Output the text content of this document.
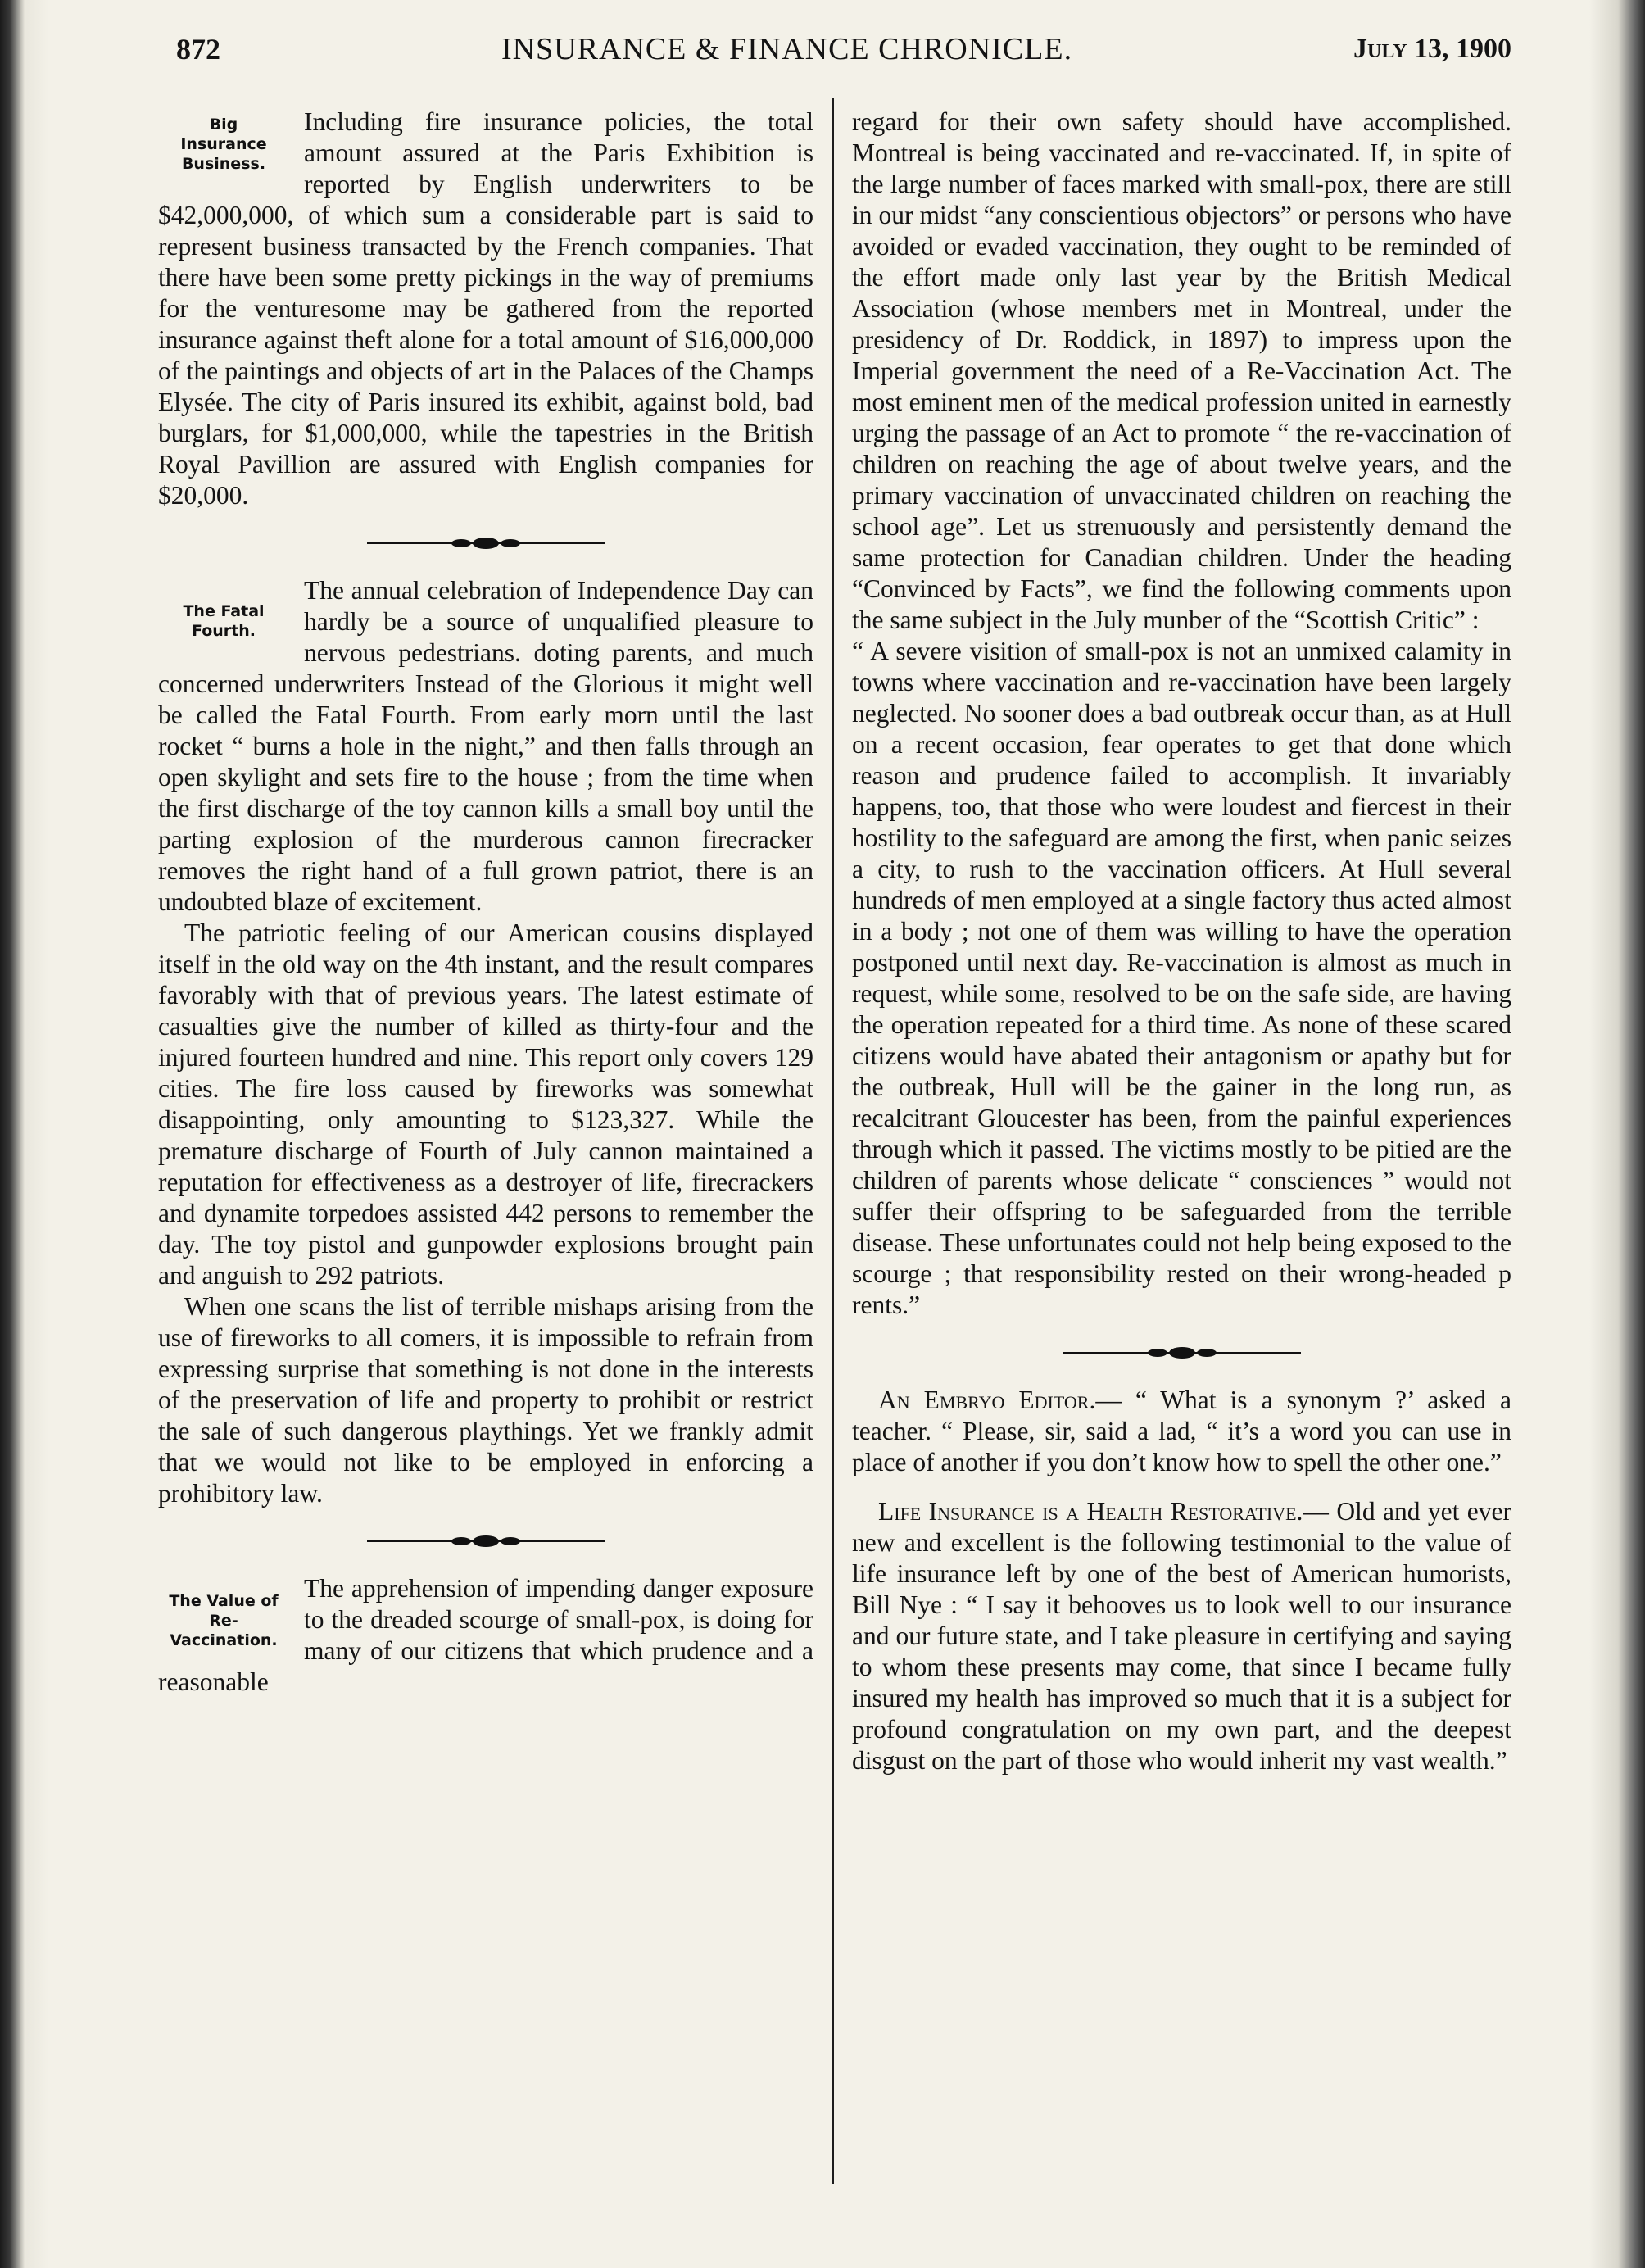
872	INSURANCE & FINANCE CHRONICLE.	July 13, 1900
Big
Insurance
Business.

Including fire insurance policies, the total amount assured at the Paris Exhibition is reported by English underwriters to be $42,000,000, of which sum a considerable part is said to represent business transacted by the French companies. That there have been some pretty pickings in the way of premiums for the venturesome may be gathered from the reported insurance against theft alone for a total amount of $16,000,000 of the paintings and objects of art in the Palaces of the Champs Elysée. The city of Paris insured its exhibit, against bold, bad burglars, for $1,000,000, while the tapestries in the British Royal Pavillion are assured with English companies for $20,000.

The Fatal
Fourth.

The annual celebration of Independence Day can hardly be a source of unqualified pleasure to nervous pedestrians. doting parents, and much concerned underwriters Instead of the Glorious it might well be called the Fatal Fourth. From early morn until the last rocket “ burns a hole in the night,” and then falls through an open skylight and sets fire to the house ; from the time when the first discharge of the toy cannon kills a small boy until the parting explosion of the murderous cannon firecracker removes the right hand of a full grown patriot, there is an undoubted blaze of excitement.

The patriotic feeling of our American cousins displayed itself in the old way on the 4th instant, and the result compares favorably with that of previous years. The latest estimate of casualties give the number of killed as thirty-four and the injured fourteen hundred and nine. This report only covers 129 cities. The fire loss caused by fireworks was somewhat disappointing, only amounting to $123,327. While the premature discharge of Fourth of July cannon maintained a reputation for effectiveness as a destroyer of life, firecrackers and dynamite torpedoes assisted 442 persons to remember the day. The toy pistol and gunpowder explosions brought pain and anguish to 292 patriots.

When one scans the list of terrible mishaps arising from the use of fireworks to all comers, it is impossible to refrain from expressing surprise that something is not done in the interests of the preservation of life and property to prohibit or restrict the sale of such dangerous playthings. Yet we frankly admit that we would not like to be employed in enforcing a prohibitory law.

The Value of
Re-Vaccination.

The apprehension of impending danger exposure to the dreaded scourge of small-pox, is doing for many of our citizens that which prudence and a reasonable

regard for their own safety should have accomplished. Montreal is being vaccinated and re-vaccinated. If, in spite of the large number of faces marked with small-pox, there are still in our midst “any conscientious objectors” or persons who have avoided or evaded vaccination, they ought to be reminded of the effort made only last year by the British Medical Association (whose members met in Montreal, under the presidency of Dr. Roddick, in 1897) to impress upon the Imperial government the need of a Re-Vaccination Act. The most eminent men of the medical profession united in earnestly urging the passage of an Act to promote “ the re-vaccination of children on reaching the age of about twelve years, and the primary vaccination of unvaccinated children on reaching the school age”. Let us strenuously and persistently demand the same protection for Canadian children. Under the heading “Convinced by Facts”, we find the following comments upon the same subject in the July munber of the “Scottish Critic” :

“ A severe visition of small-pox is not an unmixed calamity in towns where vaccination and re-vaccination have been largely neglected. No sooner does a bad outbreak occur than, as at Hull on a recent occasion, fear operates to get that done which reason and prudence failed to accomplish. It invariably happens, too, that those who were loudest and fiercest in their hostility to the safeguard are among the first, when panic seizes a city, to rush to the vaccination officers. At Hull several hundreds of men employed at a single factory thus acted almost in a body ; not one of them was willing to have the operation postponed until next day. Re-vaccination is almost as much in request, while some, resolved to be on the safe side, are having the operation repeated for a third time. As none of these scared citizens would have abated their antagonism or apathy but for the outbreak, Hull will be the gainer in the long run, as recalcitrant Gloucester has been, from the painful experiences through which it passed. The victims mostly to be pitied are the children of parents whose delicate “ consciences ” would not suffer their offspring to be safeguarded from the terrible disease. These unfortunates could not help being exposed to the scourge ; that responsibility rested on their wrong-headed p rents.”

An Embryo Editor.— “ What is a synonym ?’ asked a teacher. “ Please, sir, said a lad, “ it’s a word you can use in place of another if you don’t know how to spell the other one.”

Life Insurance is a Health Restorative.— Old and yet ever new and excellent is the following testimonial to the value of life insurance left by one of the best of American humorists, Bill Nye : “ I say it behooves us to look well to our insurance and our future state, and I take pleasure in certifying and saying to whom these presents may come, that since I became fully insured my health has improved so much that it is a subject for profound congratulation on my own part, and the deepest disgust on the part of those who would inherit my vast wealth.”
